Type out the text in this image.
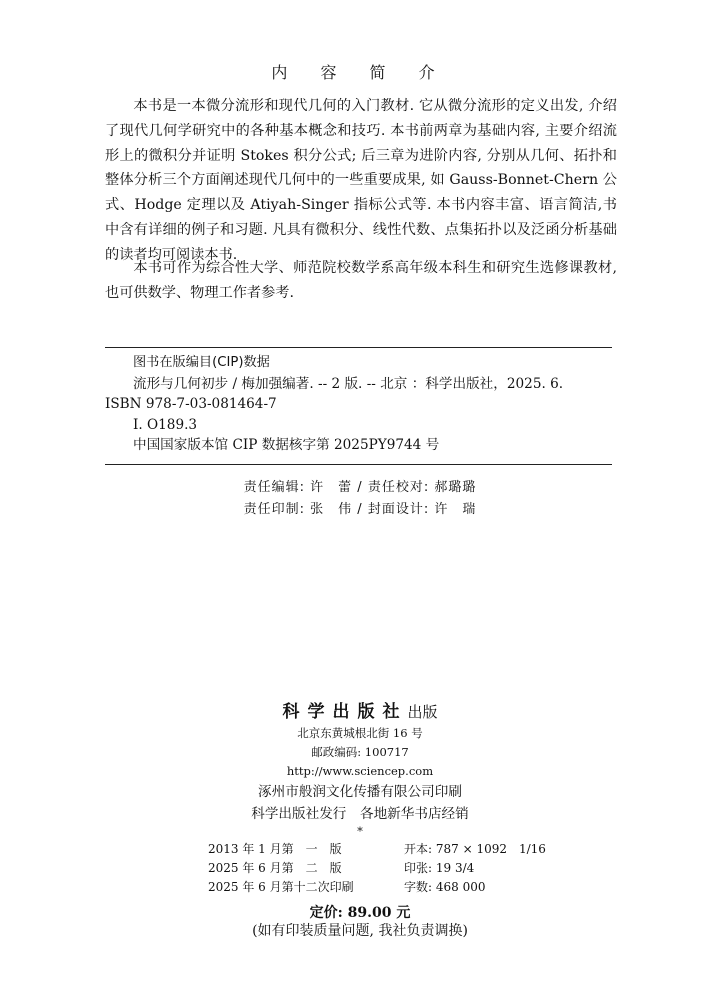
内 容 简 介
本书是一本微分流形和现代几何的入门教材. 它从微分流形的定义出发, 介绍了现代几何学研究中的各种基本概念和技巧. 本书前两章为基础内容, 主要介绍流形上的微积分并证明 Stokes 积分公式; 后三章为进阶内容, 分别从几何、拓扑和整体分析三个方面阐述现代几何中的一些重要成果, 如 Gauss-Bonnet-Chern 公式、Hodge 定理以及 Atiyah-Singer 指标公式等. 本书内容丰富、语言简洁,书中含有详细的例子和习题. 凡具有微积分、线性代数、点集拓扑以及泛函分析基础的读者均可阅读本书.
本书可作为综合性大学、师范院校数学系高年级本科生和研究生选修课教材, 也可供数学、物理工作者参考.
图书在版编目(CIP)数据
流形与几何初步 / 梅加强编著. -- 2 版. -- 北京 ：科学出版社，2025. 6.
ISBN 978-7-03-081464-7
Ⅰ. O189.3
中国国家版本馆 CIP 数据核字第 2025PY9744 号
责任编辑: 许　蕾 / 责任校对: 郝璐璐
责任印制: 张　伟 / 封面设计: 许　瑞
科学出版社出版
北京东黄城根北街 16 号
邮政编码: 100717
http://www.sciencep.com
涿州市般润文化传播有限公司印刷
科学出版社发行　各地新华书店经销
*
2013 年 1 月第　一　版	开本: 787 × 1092　1/16
2025 年 6 月第　二　版	印张: 19 3/4
2025 年 6 月第十二次印刷	字数: 468 000
定价: 89.00 元
(如有印装质量问题, 我社负责调换)
